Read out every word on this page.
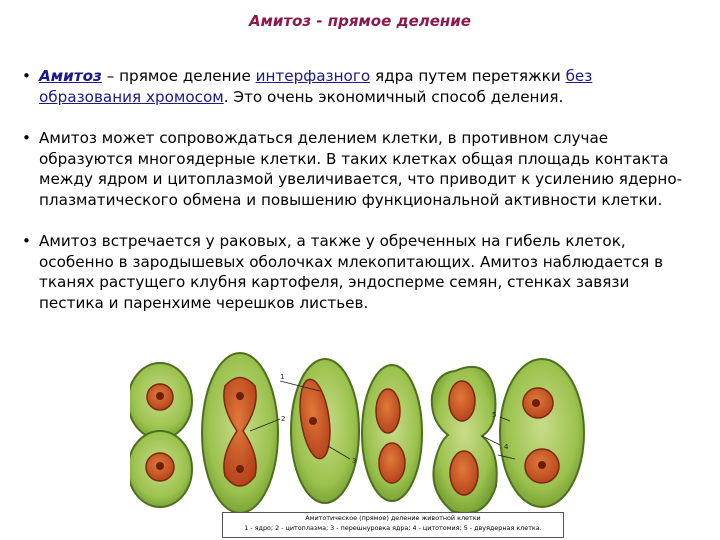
Амитоз - прямое деление
• Амитоз – прямое деление интерфазного ядра путем перетяжки без образования хромосом. Это очень экономичный способ деления.
• Амитоз может сопровождаться делением клетки, в противном случае образуются многоядерные клетки. В таких клетках общая площадь контакта между ядром и цитоплазмой увеличивается, что приводит к усилению ядерно-плазматического обмена и повышению функциональной активности клетки.
• Амитоз встречается у раковых, а также у обреченных на гибель клеток, особенно в зародышевых оболочках млекопитающих. Амитоз наблюдается в тканях растущего клубня картофеля, эндосперме семян, стенках завязи пестика и паренхиме черешков листьев.
1
2
3
4
5
Амитотическое (прямое) деление животной клетки
1 - ядро; 2 - цитоплазма; 3 - перешнуровка ядра; 4 - цитотомия; 5 - двуядерная клетка.
